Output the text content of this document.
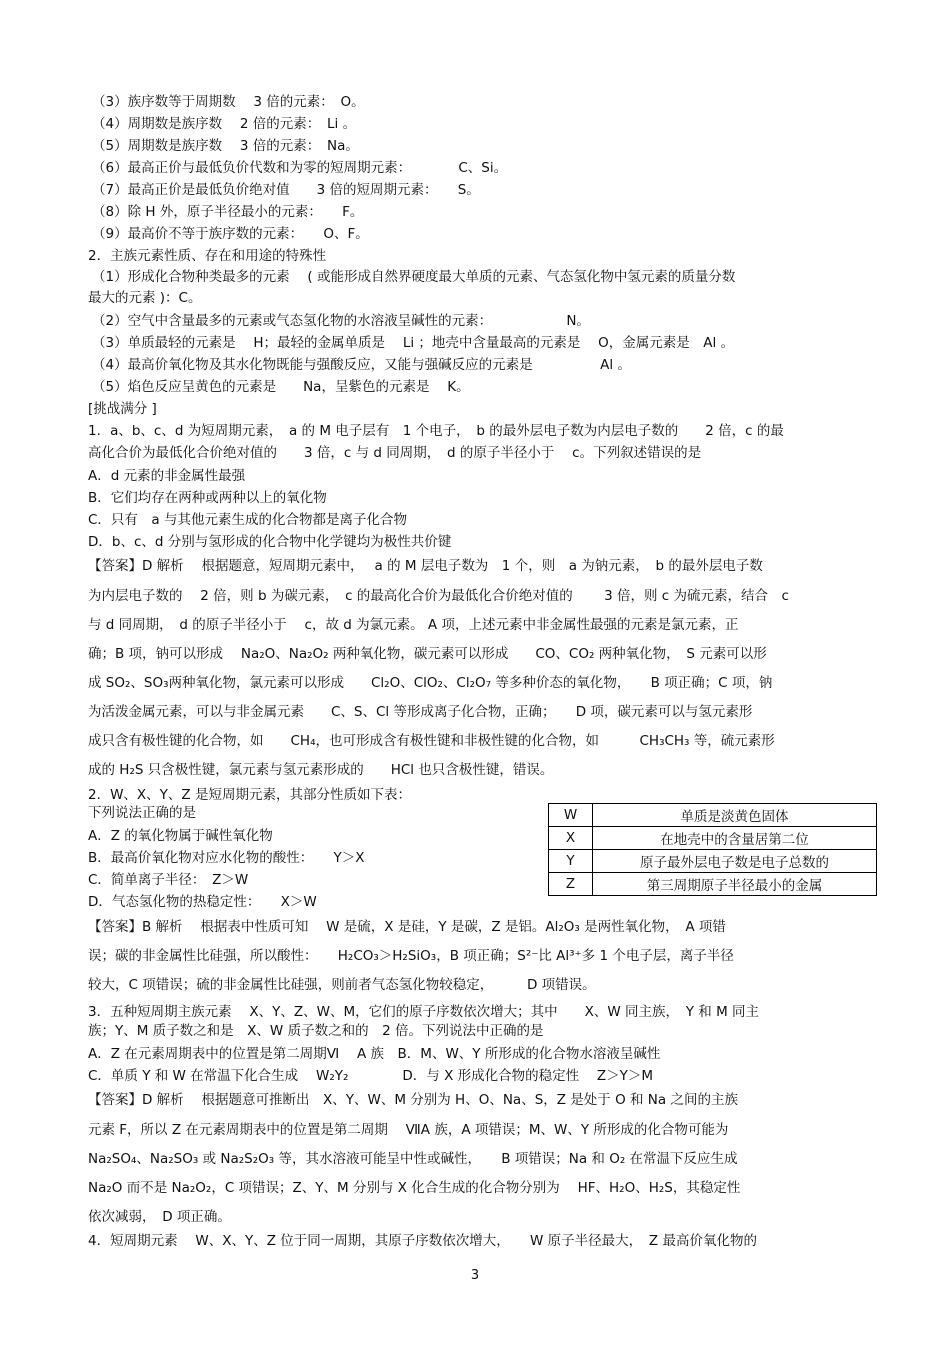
（3）族序数等于周期数　 3 倍的元素：　O。
（4）周期数是族序数　 2 倍的元素：　Li 。
（5）周期数是族序数　 3 倍的元素：　Na。
（6）最高正价与最低负价代数和为零的短周期元素：　　　　C、Si。
（7）最高正价是最低负价绝对值　　3 倍的短周期元素：　　S。
（8）除 H 外，原子半径最小的元素：　　F。
（9）最高价不等于族序数的元素：　　O、F。
2．主族元素性质、存在和用途的特殊性
（1）形成化合物种类最多的元素　 ( 或能形成自然界硬度最大单质的元素、气态氢化物中氢元素的质量分数
最大的元素 )：C。
（2）空气中含量最多的元素或气态氢化物的水溶液呈碱性的元素：　　　　　　N。
（3）单质最轻的元素是　 H；最轻的金属单质是　 Li ；地壳中含量最高的元素是　 O，金属元素是　Al 。
（4）最高价氧化物及其水化物既能与强酸反应，又能与强碱反应的元素是　　　　　Al 。
（5）焰色反应呈黄色的元素是　　Na，呈紫色的元素是　 K。
[挑战满分 ]
1．a、b、c、d 为短周期元素，　a 的 M 电子层有　1 个电子，　b 的最外层电子数为内层电子数的　　2 倍，c 的最
高化合价为最低化合价绝对值的　　3 倍，c 与 d 同周期，　d 的原子半径小于　 c。下列叙述错误的是
A．d 元素的非金属性最强
B．它们均存在两种或两种以上的氧化物
C．只有　a 与其他元素生成的化合物都是离子化合物
D．b、c、d 分别与氢形成的化合物中化学键均为极性共价键
【答案】D 解析　 根据题意，短周期元素中，　 a 的 M 层电子数为　1 个，则　a 为钠元素，　b 的最外层电子数
为内层电子数的　 2 倍，则 b 为碳元素，　c 的最高化合价为最低化合价绝对值的　　 3 倍，则 c 为硫元素，结合　c
与 d 同周期，　d 的原子半径小于　 c，故 d 为氯元素。 A 项，上述元素中非金属性最强的元素是氯元素，正
确；B 项，钠可以形成　 Na₂O、Na₂O₂ 两种氧化物，碳元素可以形成　　CO、CO₂ 两种氧化物，　S 元素可以形
成 SO₂、SO₃两种氧化物，氯元素可以形成　　Cl₂O、ClO₂、Cl₂O₇ 等多种价态的氧化物，　　B 项正确；C 项，钠
为活泼金属元素，可以与非金属元素　　C、S、Cl 等形成离子化合物，正确；　　D 项，碳元素可以与氢元素形
成只含有极性键的化合物，如　　CH₄，也可形成含有极性键和非极性键的化合物，如　　　CH₃CH₃ 等，硫元素形
成的 H₂S 只含极性键，氯元素与氢元素形成的　　HCl 也只含极性键，错误。
2．W、X、Y、Z 是短周期元素，其部分性质如下表：
下列说法正确的是
A．Z 的氧化物属于碱性氧化物
B．最高价氧化物对应水化物的酸性：　　Y＞X
C．简单离子半径：　Z＞W
D．气态氢化物的热稳定性：　　X＞W
【答案】B 解析　 根据表中性质可知　 W 是硫，X 是硅，Y 是碳，Z 是铝。Al₂O₃ 是两性氧化物，　A 项错
误；碳的非金属性比硅强，所以酸性：　　H₂CO₃＞H₂SiO₃，B 项正确；S²⁻比 Al³⁺多 1 个电子层，离子半径
较大，C 项错误；硫的非金属性比硅强，则前者气态氢化物较稳定，　　　D 项错误。
3．五种短周期主族元素　 X、Y、Z、W、M，它们的原子序数依次增大；其中　　X、W 同主族，　Y 和 M 同主
族；Y、M 质子数之和是　X、W 质子数之和的　2 倍。下列说法中正确的是
A．Z 在元素周期表中的位置是第二周期Ⅵ　 A 族　B．M、W、Y 所形成的化合物水溶液呈碱性
C．单质 Y 和 W 在常温下化合生成　 W₂Y₂　　　　D．与 X 形成化合物的稳定性　 Z＞Y＞M
【答案】D 解析　 根据题意可推断出　X、Y、W、M 分别为 H、O、Na、S，Z 是处于 O 和 Na 之间的主族
元素 F，所以 Z 在元素周期表中的位置是第二周期　 ⅦA 族，A 项错误；M、W、Y 所形成的化合物可能为
Na₂SO₄、Na₂SO₃ 或 Na₂S₂O₃ 等，其水溶液可能呈中性或碱性，　　B 项错误；Na 和 O₂ 在常温下反应生成
Na₂O 而不是 Na₂O₂，C 项错误；Z、Y、M 分别与 X 化合生成的化合物分别为　 HF、H₂O、H₂S，其稳定性
依次减弱，　D 项正确。
4．短周期元素　 W、X、Y、Z 位于同一周期，其原子序数依次增大，　　W 原子半径最大，　Z 最高价氧化物的
W	单质是淡黄色固体
X	在地壳中的含量居第二位
Y	原子最外层电子数是电子总数的
Z	第三周期原子半径最小的金属
3
